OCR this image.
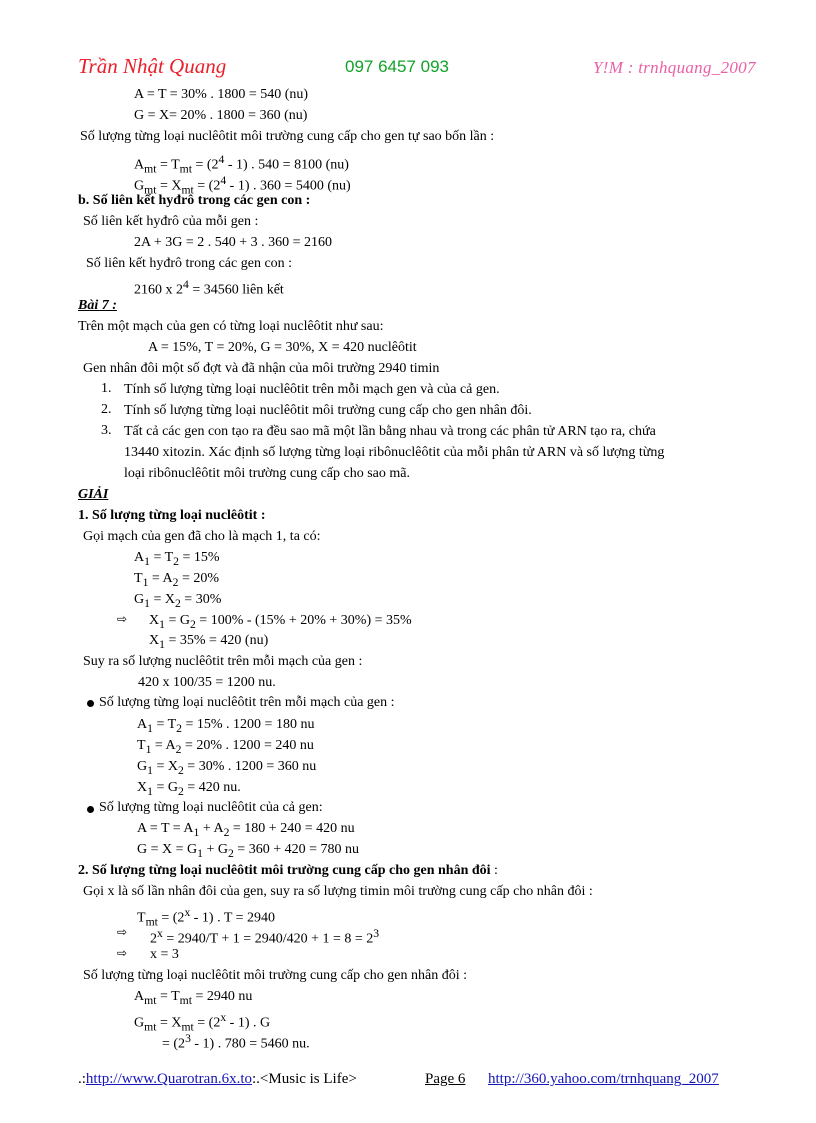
Trần Nhật Quang	097 6457 093	Y!M : trnhquang_2007
A = T = 30% . 1800 = 540 (nu)
G = X= 20% . 1800 = 360 (nu)
Số lượng từng loại nuclêôtit môi trường cung cấp cho gen tự sao bốn lần :
$A_{mt} = T_{mt} = (2^4 - 1)$ . 540 = 8100 (nu)
$G_{mt} = X_{mt} = (2^4 - 1)$ . 360 = 5400 (nu)
b. Số liên kết hyđrô trong các gen con :
Số liên kết hyđrô của mỗi gen :
2A + 3G = 2 . 540 + 3 . 360 = 2160
Số liên kết hyđrô trong các gen con :
2160 x $2^4 = 34560$ liên kết
Bài 7 :
Trên một mạch của gen có từng loại nuclêôtit như sau:
A = 15%, T = 20%, G = 30%, X = 420 nuclêôtit
Gen nhân đôi một số đợt và đã nhận của môi trường 2940 timin
1. Tính số lượng từng loại nuclêôtit trên mỗi mạch gen và của cả gen.
2. Tính số lượng từng loại nuclêôtit môi trường cung cấp cho gen nhân đôi.
3. Tất cả các gen con tạo ra đều sao mã một lần bằng nhau và trong các phân tử ARN tạo ra, chứa
13440 xitozin. Xác định số lượng từng loại ribônuclêôtit của mỗi phân tử ARN và số lượng từng
loại ribônuclêôtit môi trường cung cấp cho sao mã.
GIẢI
1. Số lượng từng loại nuclêôtit :
Gọi mạch của gen đã cho là mạch 1, ta có:
$A_1 = T_2 = 15\%$
$T_1 = A_2 = 20\%$
$G_1 = X_2 = 30\%$
⇨ $X_1 = G_2 = 100\% - (15\% + 20\% + 30\%) = 35\%$
$X_1 = 35\% = 420$ (nu)
Suy ra số lượng nuclêôtit trên mỗi mạch của gen :
420 x 100/35 = 1200 nu.
Số lượng từng loại nuclêôtit trên mỗi mạch của gen :
$A_1 = T_2 = 15\%$ . 1200 = 180 nu
$T_1 = A_2 = 20\%$ . 1200 = 240 nu
$G_1 = X_2 = 30\%$ . 1200 = 360 nu
$X_1 = G_2 = 420$ nu.
Số lượng từng loại nuclêôtit của cả gen:
$A = T = A_1 + A_2 = 180 + 240 = 420$ nu
$G = X = G_1 + G_2 = 360 + 420 = 780$ nu
2. Số lượng từng loại nuclêôtit môi trường cung cấp cho gen nhân đôi :
Gọi x là số lần nhân đôi của gen, suy ra số lượng timin môi trường cung cấp cho nhân đôi :
$T_{mt} = (2^x - 1)$ . T = 2940
⇨ $2^x = 2940/T + 1 = 2940/420 + 1 = 8 = 2^3$
⇨ x = 3
Số lượng từng loại nuclêôtit môi trường cung cấp cho gen nhân đôi :
$A_{mt} = T_{mt} = 2940$ nu
$G_{mt} = X_{mt} = (2^x - 1)$ . G
= $(2^3 - 1)$ . 780 = 5460 nu.
.:http://www.Quarotran.6x.to:.<Music is Life>	Page 6 http://360.yahoo.com/trnhquang_2007
